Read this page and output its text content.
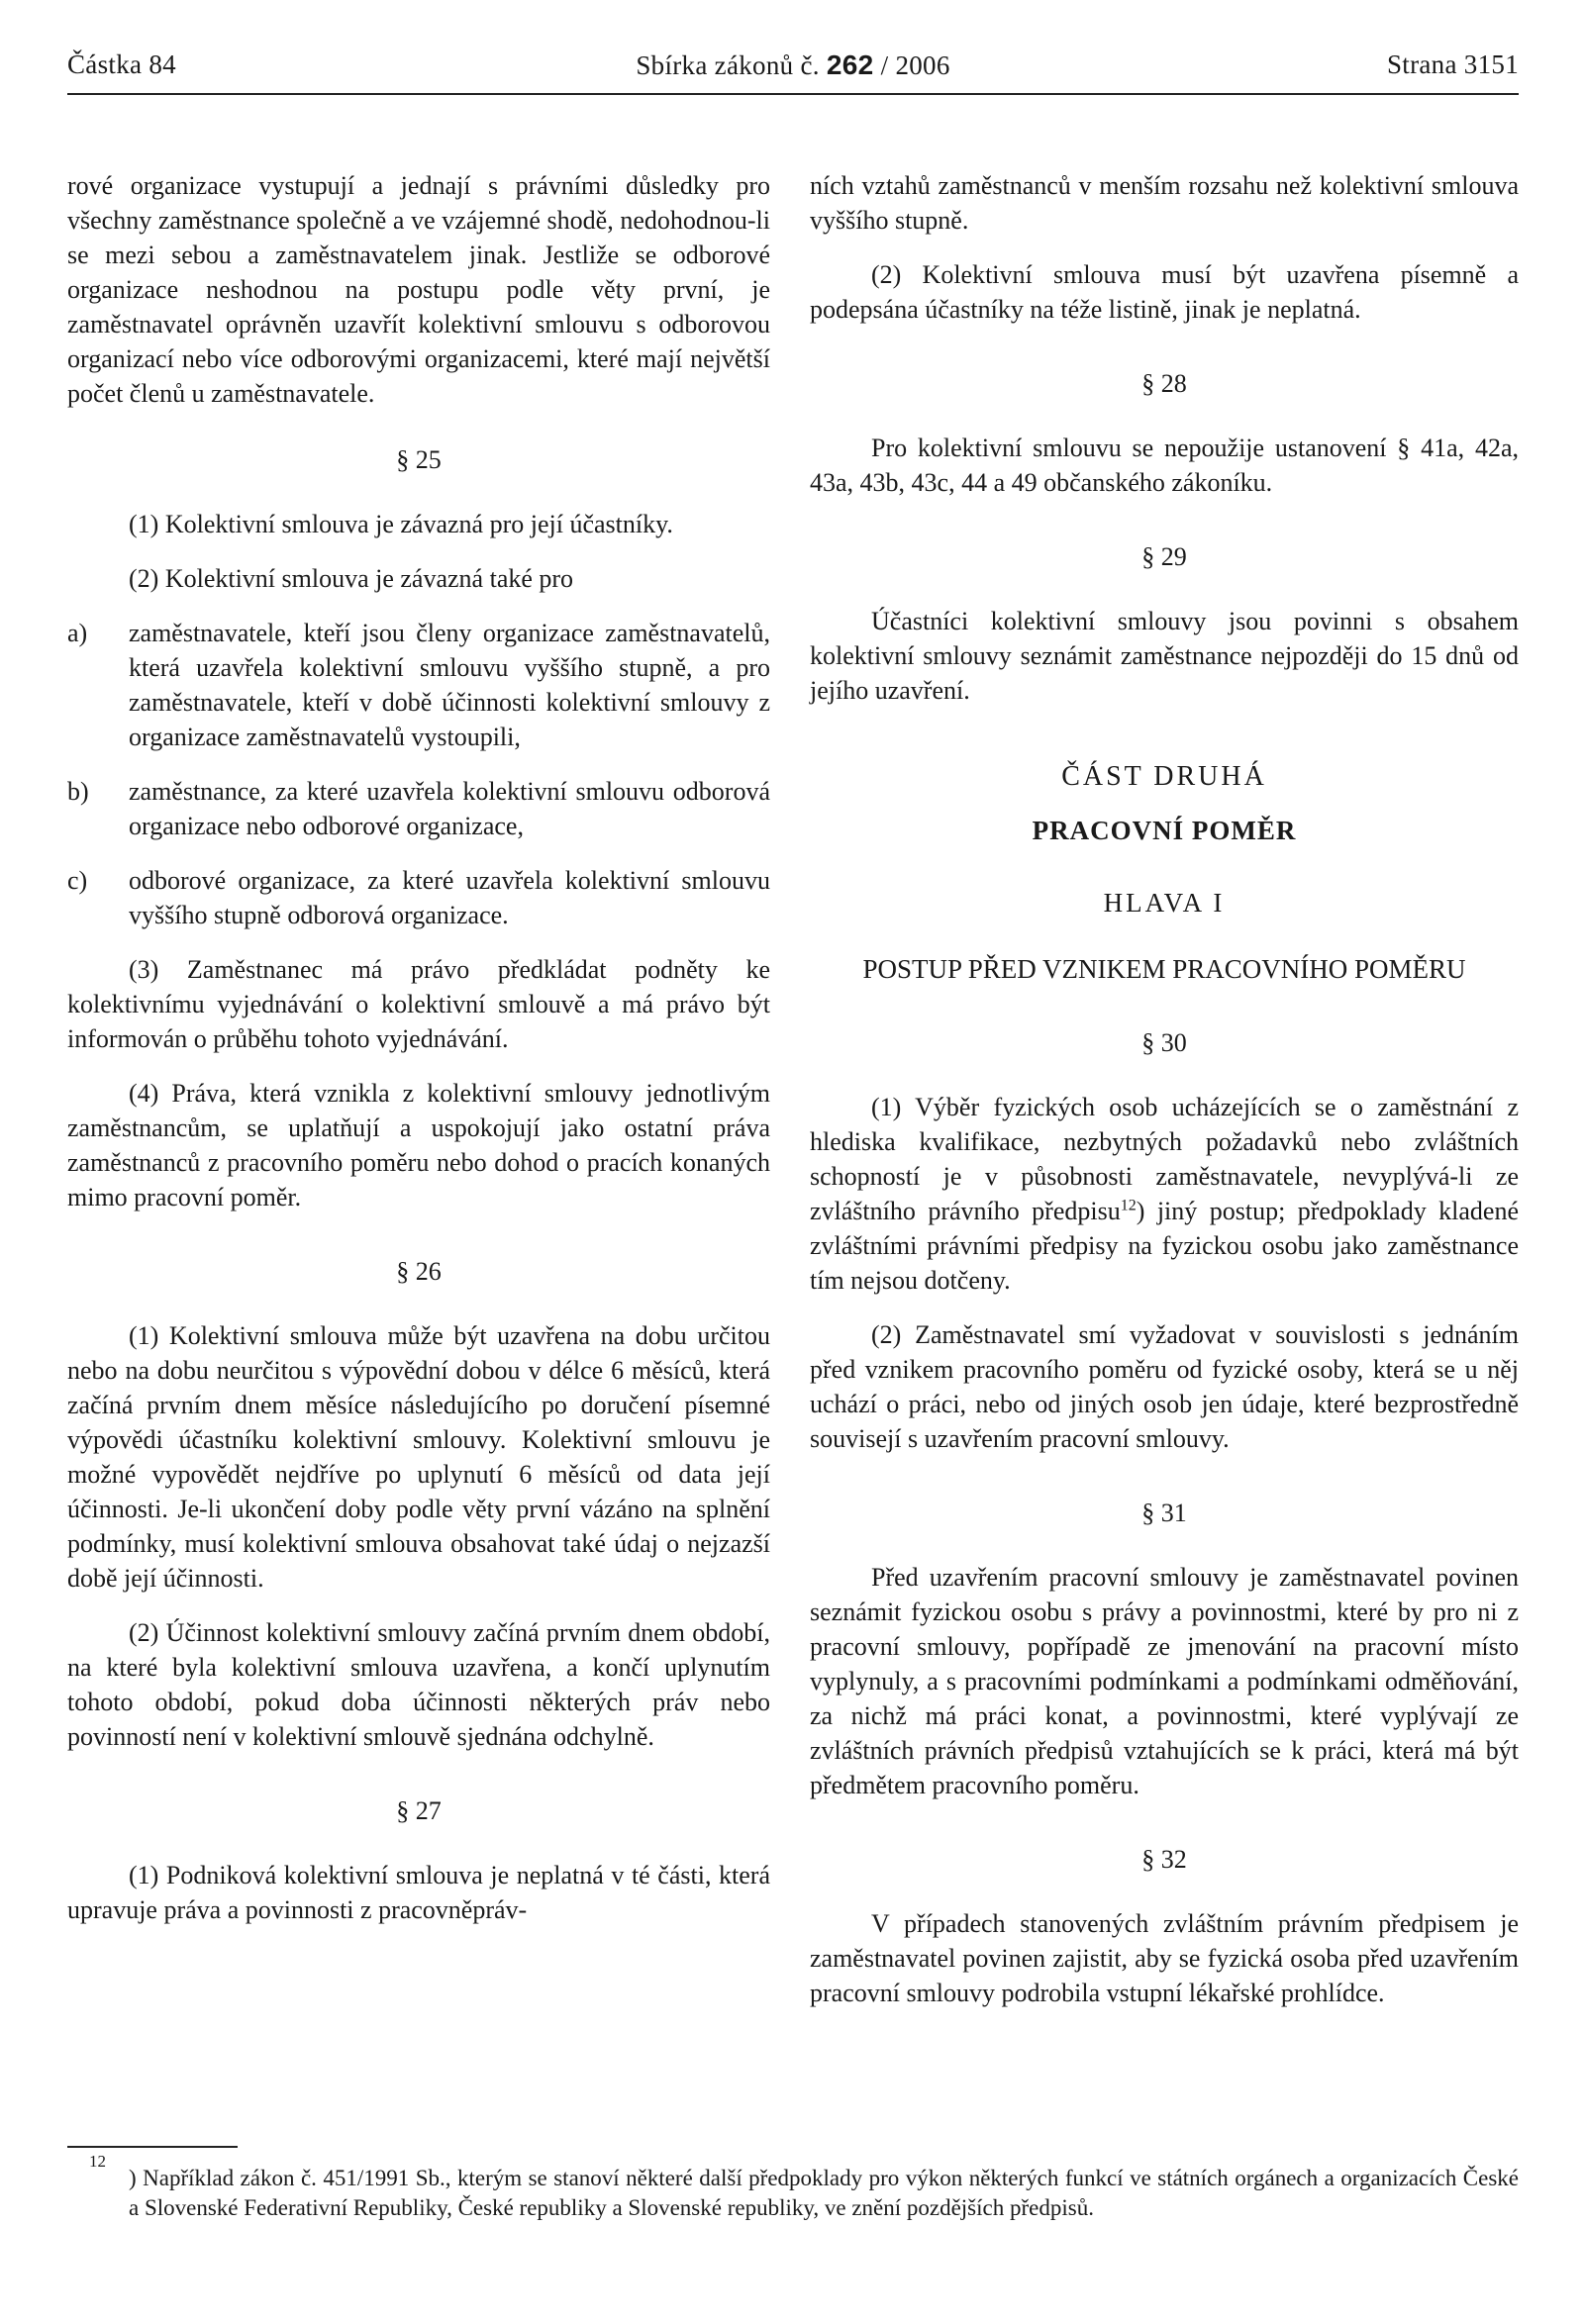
Částka 84	Sbírka zákonů č. 262 / 2006	Strana 3151

rové organizace vystupují a jednají s právními důsledky pro všechny zaměstnance společně a ve vzájemné shodě, nedohodnou-li se mezi sebou a zaměstnavatelem jinak. Jestliže se odborové organizace neshodnou na postupu podle věty první, je zaměstnavatel oprávněn uzavřít kolektivní smlouvu s odborovou organizací nebo více odborovými organizacemi, které mají největší počet členů u zaměstnavatele.

§ 25

(1) Kolektivní smlouva je závazná pro její účastníky.

(2) Kolektivní smlouva je závazná také pro

a) zaměstnavatele, kteří jsou členy organizace zaměstnavatelů, která uzavřela kolektivní smlouvu vyššího stupně, a pro zaměstnavatele, kteří v době účinnosti kolektivní smlouvy z organizace zaměstnavatelů vystoupili,
b) zaměstnance, za které uzavřela kolektivní smlouvu odborová organizace nebo odborové organizace,
c) odborové organizace, za které uzavřela kolektivní smlouvu vyššího stupně odborová organizace.

(3) Zaměstnanec má právo předkládat podněty ke kolektivnímu vyjednávání o kolektivní smlouvě a má právo být informován o průběhu tohoto vyjednávání.

(4) Práva, která vznikla z kolektivní smlouvy jednotlivým zaměstnancům, se uplatňují a uspokojují jako ostatní práva zaměstnanců z pracovního poměru nebo dohod o pracích konaných mimo pracovní poměr.

§ 26

(1) Kolektivní smlouva může být uzavřena na dobu určitou nebo na dobu neurčitou s výpovědní dobou v délce 6 měsíců, která začíná prvním dnem měsíce následujícího po doručení písemné výpovědi účastníku kolektivní smlouvy. Kolektivní smlouvu je možné vypovědět nejdříve po uplynutí 6 měsíců od data její účinnosti. Je-li ukončení doby podle věty první vázáno na splnění podmínky, musí kolektivní smlouva obsahovat také údaj o nejzazší době její účinnosti.

(2) Účinnost kolektivní smlouvy začíná prvním dnem období, na které byla kolektivní smlouva uzavřena, a končí uplynutím tohoto období, pokud doba účinnosti některých práv nebo povinností není v kolektivní smlouvě sjednána odchylně.

§ 27

(1) Podniková kolektivní smlouva je neplatná v té části, která upravuje práva a povinnosti z pracovněpráv-

ních vztahů zaměstnanců v menším rozsahu než kolektivní smlouva vyššího stupně.

(2) Kolektivní smlouva musí být uzavřena písemně a podepsána účastníky na téže listině, jinak je neplatná.

§ 28

Pro kolektivní smlouvu se nepoužije ustanovení § 41a, 42a, 43a, 43b, 43c, 44 a 49 občanského zákoníku.

§ 29

Účastníci kolektivní smlouvy jsou povinni s obsahem kolektivní smlouvy seznámit zaměstnance nejpozději do 15 dnů od jejího uzavření.

ČÁST DRUHÁ
PRACOVNÍ POMĚR
HLAVA I
POSTUP PŘED VZNIKEM PRACOVNÍHO POMĚRU
§ 30

(1) Výběr fyzických osob ucházejících se o zaměstnání z hlediska kvalifikace, nezbytných požadavků nebo zvláštních schopností je v působnosti zaměstnavatele, nevyplývá-li ze zvláštního právního předpisu$^{12}$) jiný postup; předpoklady kladené zvláštními právními předpisy na fyzickou osobu jako zaměstnance tím nejsou dotčeny.

(2) Zaměstnavatel smí vyžadovat v souvislosti s jednáním před vznikem pracovního poměru od fyzické osoby, která se u něj uchází o práci, nebo od jiných osob jen údaje, které bezprostředně souvisejí s uzavřením pracovní smlouvy.

§ 31

Před uzavřením pracovní smlouvy je zaměstnavatel povinen seznámit fyzickou osobu s právy a povinnostmi, které by pro ni z pracovní smlouvy, popřípadě ze jmenování na pracovní místo vyplynuly, a s pracovními podmínkami a podmínkami odměňování, za nichž má práci konat, a povinnostmi, které vyplývají ze zvláštních právních předpisů vztahujících se k práci, která má být předmětem pracovního poměru.

§ 32

V případech stanovených zvláštním právním předpisem je zaměstnavatel povinen zajistit, aby se fyzická osoba před uzavřením pracovní smlouvy podrobila vstupní lékařské prohlídce.

12
) Například zákon č. 451/1991 Sb., kterým se stanoví některé další předpoklady pro výkon některých funkcí ve státních orgánech a organizacích České a Slovenské Federativní Republiky, České republiky a Slovenské republiky, ve znění pozdějších předpisů.
